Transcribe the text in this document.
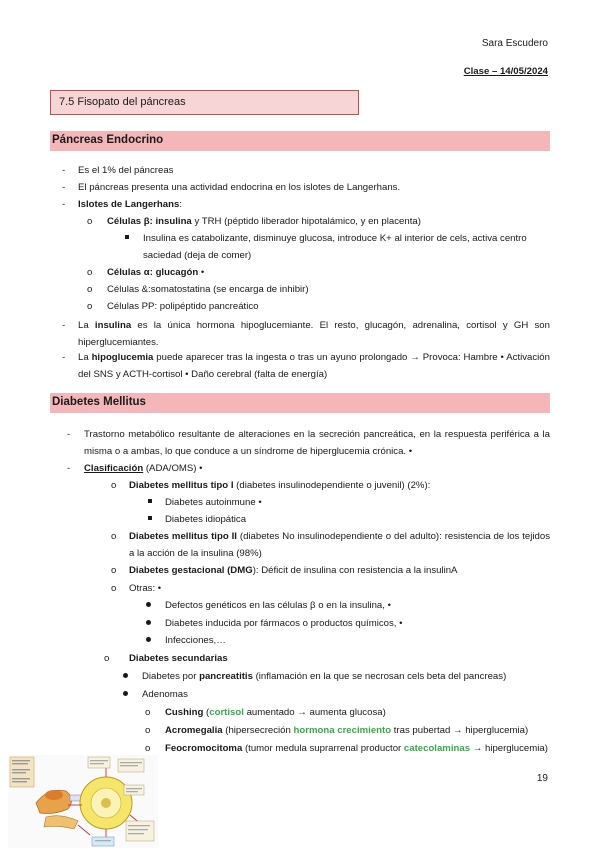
Sara Escudero
Clase – 14/05/2024
7.5 Fisopato del páncreas
Páncreas Endocrino
- Es el 1% del páncreas
- El páncreas presenta una actividad endocrina en los islotes de Langerhans.
- Islotes de Langerhans:
o Células β: insulina y TRH (péptido liberador hipotalámico, y en placenta)
Insulina es catabolizante, disminuye glucosa, introduce K+ al interior de cels, activa centro saciedad (deja de comer)
o Células α: glucagón •
o Células &:somatostatina (se encarga de inhibir)
o Células PP: polipéptido pancreático
- La insulina es la única hormona hipoglucemiante. El resto, glucagón, adrenalina, cortisol y GH son hiperglucemiantes.
- La hipoglucemia puede aparecer tras la ingesta o tras un ayuno prolongado → Provoca: Hambre • Activación del SNS y ACTH-cortisol • Daño cerebral (falta de energía)
Diabetes Mellitus
- Trastorno metabólico resultante de alteraciones en la secreción pancreática, en la respuesta periférica a la misma o a ambas, lo que conduce a un síndrome de hiperglucemia crónica. •
- Clasificación (ADA/OMS) •
o Diabetes mellitus tipo I (diabetes insulinodependiente o juvenil) (2%):
Diabetes autoinmune •
Diabetes idiopática
o Diabetes mellitus tipo II (diabetes No insulinodependiente o del adulto): resistencia de los tejidos a la acción de la insulina (98%)
o Diabetes gestacional (DMG): Déficit de insulina con resistencia a la insulinA
o Otras: •
Defectos genéticos en las células β o en la insulina, •
Diabetes inducida por fármacos o productos químicos, •
Infecciones,…
o Diabetes secundarias
Diabetes por pancreatitis (inflamación en la que se necrosan cels beta del pancreas)
Adenomas
o Cushing (cortisol aumentado → aumenta glucosa)
o Acromegalia (hipersecreción hormona crecimiento tras pubertad → hiperglucemia)
o Feocromocitoma (tumor medula suprarrenal productor catecolaminas → hiperglucemia)
19
